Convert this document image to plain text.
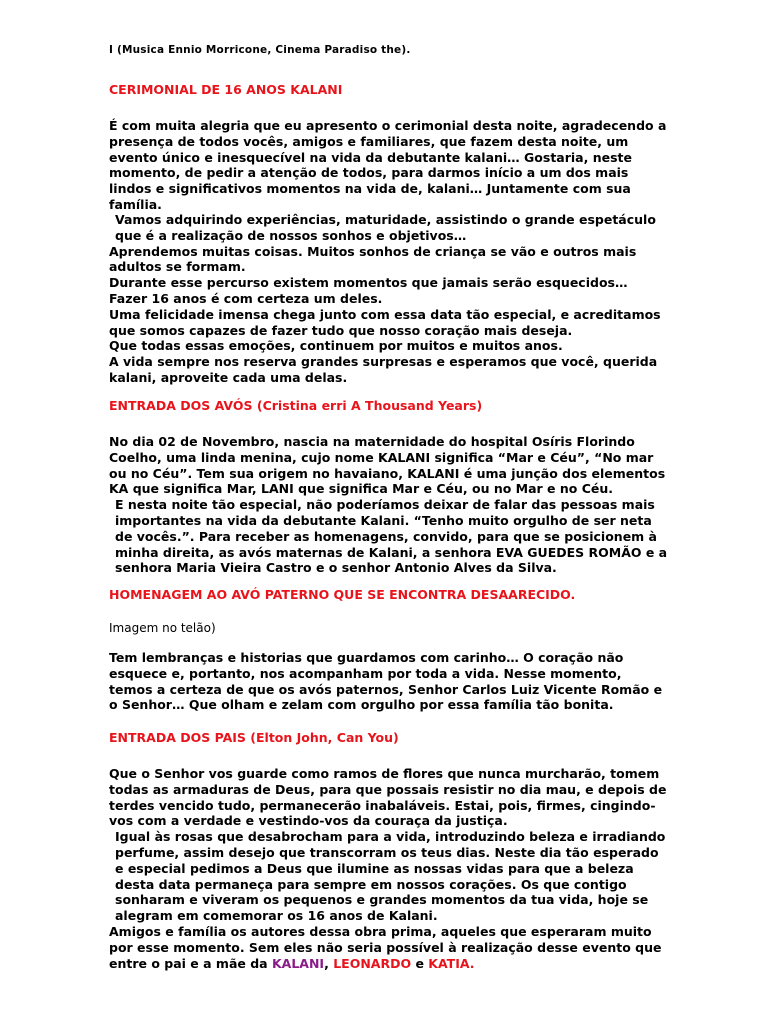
I (Musica Ennio Morricone, Cinema Paradiso the).
CERIMONIAL DE 16 ANOS KALANI

É com muita alegria que eu apresento o cerimonial desta noite, agradecendo a presença de todos vocês, amigos e familiares, que fazem desta noite, um evento único e inesquecível na vida da debutante kalani… Gostaria, neste momento, de pedir a atenção de todos, para darmos início a um dos mais lindos e significativos momentos na vida de, kalani… Juntamente com sua família.

Vamos adquirindo experiências, maturidade, assistindo o grande espetáculo que é a realização de nossos sonhos e objetivos…

Aprendemos muitas coisas. Muitos sonhos de criança se vão e outros mais adultos se formam.

Durante esse percurso existem momentos que jamais serão esquecidos…

Fazer 16 anos é com certeza um deles.

Uma felicidade imensa chega junto com essa data tão especial, e acreditamos que somos capazes de fazer tudo que nosso coração mais deseja.

Que todas essas emoções, continuem por muitos e muitos anos.

A vida sempre nos reserva grandes surpresas e esperamos que você, querida kalani, aproveite cada uma delas.

ENTRADA DOS AVÓS (Cristina erri A Thousand Years)

No dia 02 de Novembro, nascia na maternidade do hospital Osíris Florindo Coelho, uma linda menina, cujo nome KALANI significa “Mar e Céu”, “No mar ou no Céu”. Tem sua origem no havaiano, KALANI é uma junção dos elementos KA que significa Mar, LANI que significa Mar e Céu, ou no Mar e no Céu.

E nesta noite tão especial, não poderíamos deixar de falar das pessoas mais importantes na vida da debutante Kalani. “Tenho muito orgulho de ser neta de vocês.”. Para receber as homenagens, convido, para que se posicionem à minha direita, as avós maternas de Kalani, a senhora EVA GUEDES ROMÃO e a senhora Maria Vieira Castro e o senhor Antonio Alves da Silva.

HOMENAGEM AO AVÓ PATERNO QUE SE ENCONTRA DESAARECIDO.
Imagem no telão)

Tem lembranças e historias que guardamos com carinho… O coração não esquece e, portanto, nos acompanham por toda a vida. Nesse momento, temos a certeza de que os avós paternos, Senhor Carlos Luiz Vicente Romão e o Senhor… Que olham e zelam com orgulho por essa família tão bonita.

ENTRADA DOS PAIS (Elton John, Can You)

Que o Senhor vos guarde como ramos de flores que nunca murcharão, tomem todas as armaduras de Deus, para que possais resistir no dia mau, e depois de terdes vencido tudo, permanecerão inabaláveis. Estai, pois, firmes, cingindo-vos com a verdade e vestindo-vos da couraça da justiça.

Igual às rosas que desabrocham para a vida, introduzindo beleza e irradiando perfume, assim desejo que transcorram os teus dias. Neste dia tão esperado e especial pedimos a Deus que ilumine as nossas vidas para que a beleza desta data permaneça para sempre em nossos corações. Os que contigo sonharam e viveram os pequenos e grandes momentos da tua vida, hoje se alegram em comemorar os 16 anos de Kalani.

Amigos e família os autores dessa obra prima, aqueles que esperaram muito por esse momento. Sem eles não seria possível à realização desse evento que entre o pai e a mãe da KALANI, LEONARDO e KATIA.
